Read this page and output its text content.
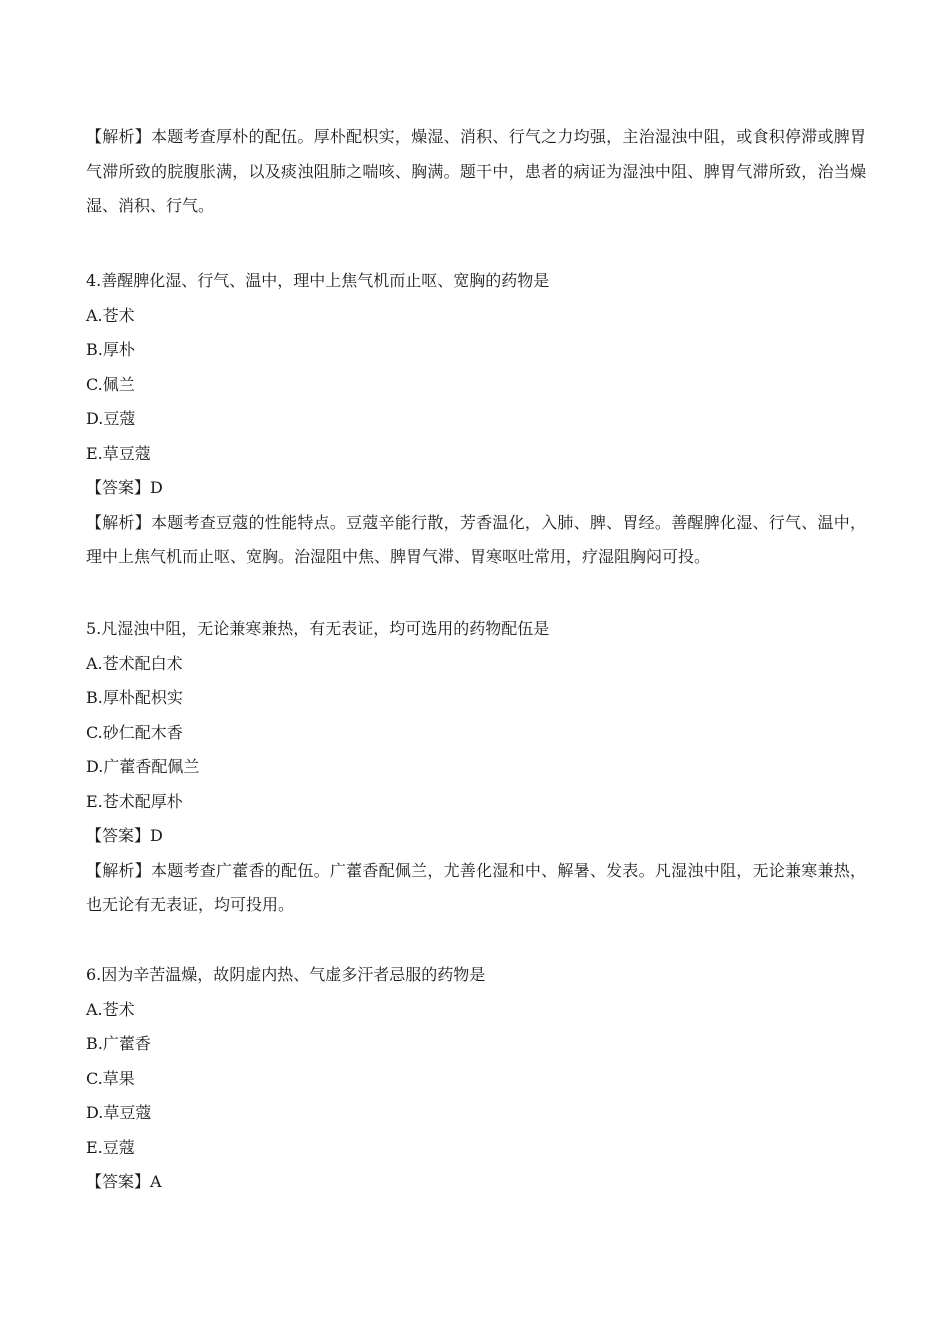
【解析】本题考查厚朴的配伍。厚朴配枳实，燥湿、消积、行气之力均强，主治湿浊中阻，或食积停滞或脾胃气滞所致的脘腹胀满，以及痰浊阻肺之喘咳、胸满。题干中，患者的病证为湿浊中阻、脾胃气滞所致，治当燥湿、消积、行气。
4.善醒脾化湿、行气、温中，理中上焦气机而止呕、宽胸的药物是
A.苍术
B.厚朴
C.佩兰
D.豆蔻
E.草豆蔻
【答案】D
【解析】本题考查豆蔻的性能特点。豆蔻辛能行散，芳香温化，入肺、脾、胃经。善醒脾化湿、行气、温中，理中上焦气机而止呕、宽胸。治湿阻中焦、脾胃气滞、胃寒呕吐常用，疗湿阻胸闷可投。
5.凡湿浊中阻，无论兼寒兼热，有无表证，均可选用的药物配伍是
A.苍术配白术
B.厚朴配枳实
C.砂仁配木香
D.广藿香配佩兰
E.苍术配厚朴
【答案】D
【解析】本题考查广藿香的配伍。广藿香配佩兰，尤善化湿和中、解暑、发表。凡湿浊中阻，无论兼寒兼热，也无论有无表证，均可投用。
6.因为辛苦温燥，故阴虚内热、气虚多汗者忌服的药物是
A.苍术
B.广藿香
C.草果
D.草豆蔻
E.豆蔻
【答案】A
